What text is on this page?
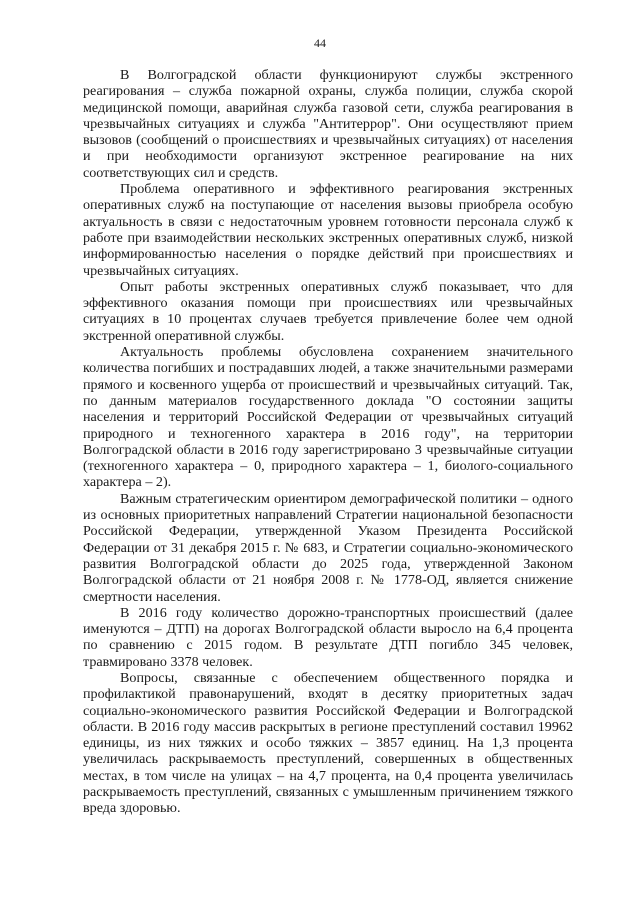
44

В Волгоградской области функционируют службы экстренного реагирования – служба пожарной охраны, служба полиции, служба скорой медицинской помощи, аварийная служба газовой сети, служба реагирования в чрезвычайных ситуациях и служба "Антитеррор". Они осуществляют прием вызовов (сообщений о происшествиях и чрезвычайных ситуациях) от населения и при необходимости организуют экстренное реагирование на них соответствующих сил и средств.

Проблема оперативного и эффективного реагирования экстренных оперативных служб на поступающие от населения вызовы приобрела особую актуальность в связи с недостаточным уровнем готовности персонала служб к работе при взаимодействии нескольких экстренных оперативных служб, низкой информированностью населения о порядке действий при происшествиях и чрезвычайных ситуациях.

Опыт работы экстренных оперативных служб показывает, что для эффективного оказания помощи при происшествиях или чрезвычайных ситуациях в 10 процентах случаев требуется привлечение более чем одной экстренной оперативной службы.

Актуальность проблемы обусловлена сохранением значительного количества погибших и пострадавших людей, а также значительными размерами прямого и косвенного ущерба от происшествий и чрезвычайных ситуаций. Так, по данным материалов государственного доклада "О состоянии защиты населения и территорий Российской Федерации от чрезвычайных ситуаций природного и техногенного характера в 2016 году", на территории Волгоградской области в 2016 году зарегистрировано 3 чрезвычайные ситуации (техногенного характера – 0, природного характера – 1, биолого-социального характера – 2).

Важным стратегическим ориентиром демографической политики – одного из основных приоритетных направлений Стратегии национальной безопасности Российской Федерации, утвержденной Указом Президента Российской Федерации от 31 декабря 2015 г. № 683, и Стратегии социально-экономического развития Волгоградской области до 2025 года, утвержденной Законом Волгоградской области от 21 ноября 2008 г. № 1778-ОД, является снижение смертности населения.

В 2016 году количество дорожно-транспортных происшествий (далее именуются – ДТП) на дорогах Волгоградской области выросло на 6,4 процента по сравнению с 2015 годом. В результате ДТП погибло 345 человек, травмировано 3378 человек.

Вопросы, связанные с обеспечением общественного порядка и профилактикой правонарушений, входят в десятку приоритетных задач социально-экономического развития Российской Федерации и Волгоградской области. В 2016 году массив раскрытых в регионе преступлений составил 19962 единицы, из них тяжких и особо тяжких – 3857 единиц. На 1,3 процента увеличилась раскрываемость преступлений, совершенных в общественных местах, в том числе на улицах – на 4,7 процента, на 0,4 процента увеличилась раскрываемость преступлений, связанных с умышленным причинением тяжкого вреда здоровью.
